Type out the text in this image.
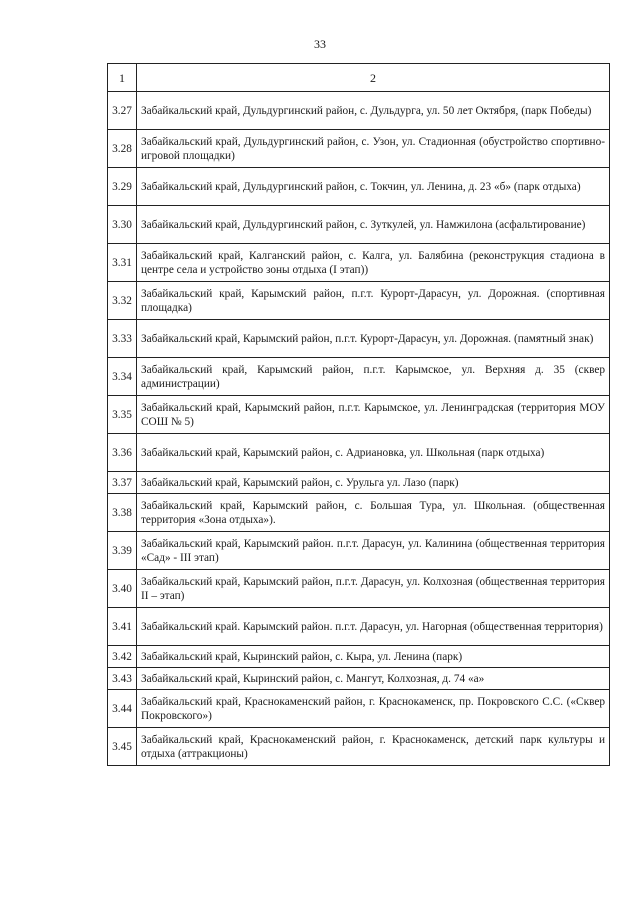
33
1	2
3.27	Забайкальский край, Дульдургинский район, с. Дульдурга, ул. 50 лет Октября, (парк Победы)
3.28	Забайкальский край, Дульдургинский район, с. Узон, ул. Стадионная (обустройство спортивно-игровой площадки)
3.29	Забайкальский край, Дульдургинский район, с. Токчин, ул. Ленина, д. 23 «б» (парк отдыха)
3.30	Забайкальский край, Дульдургинский район, с. Зуткулей, ул. Намжилона (асфальтирование)
3.31	Забайкальский край, Калганский район, с. Калга, ул. Балябина (реконструкция стадиона в центре села и устройство зоны отдыха (I этап))
3.32	Забайкальский край, Карымский район, п.г.т. Курорт-Дарасун, ул. Дорожная. (спортивная площадка)
3.33	Забайкальский край, Карымский район, п.г.т. Курорт-Дарасун, ул. Дорожная. (памятный знак)
3.34	Забайкальский край, Карымский район, п.г.т. Карымское, ул. Верхняя д. 35 (сквер администрации)
3.35	Забайкальский край, Карымский район, п.г.т. Карымское, ул. Ленинградская (территория МОУ СОШ № 5)
3.36	Забайкальский край, Карымский район, с. Адриановка, ул. Школьная (парк отдыха)
3.37	Забайкальский край, Карымский район, с. Урульга ул. Лазо (парк)
3.38	Забайкальский край, Карымский район, с. Большая Тура, ул. Школьная. (общественная территория «Зона отдыха»).
3.39	Забайкальский край, Карымский район. п.г.т. Дарасун, ул. Калинина (общественная территория «Сад» - III этап)
3.40	Забайкальский край, Карымский район, п.г.т. Дарасун, ул. Колхозная (общественная территория II – этап)
3.41	Забайкальский край. Карымский район. п.г.т. Дарасун, ул. Нагорная (общественная территория)
3.42	Забайкальский край, Кыринский район, с. Кыра, ул. Ленина (парк)
3.43	Забайкальский край, Кыринский район, с. Мангут, Колхозная, д. 74 «а»
3.44	Забайкальский край, Краснокаменский район, г. Краснокаменск, пр. Покровского С.С. («Сквер Покровского»)
3.45	Забайкальский край, Краснокаменский район, г. Краснокаменск, детский парк культуры и отдыха (аттракционы)
